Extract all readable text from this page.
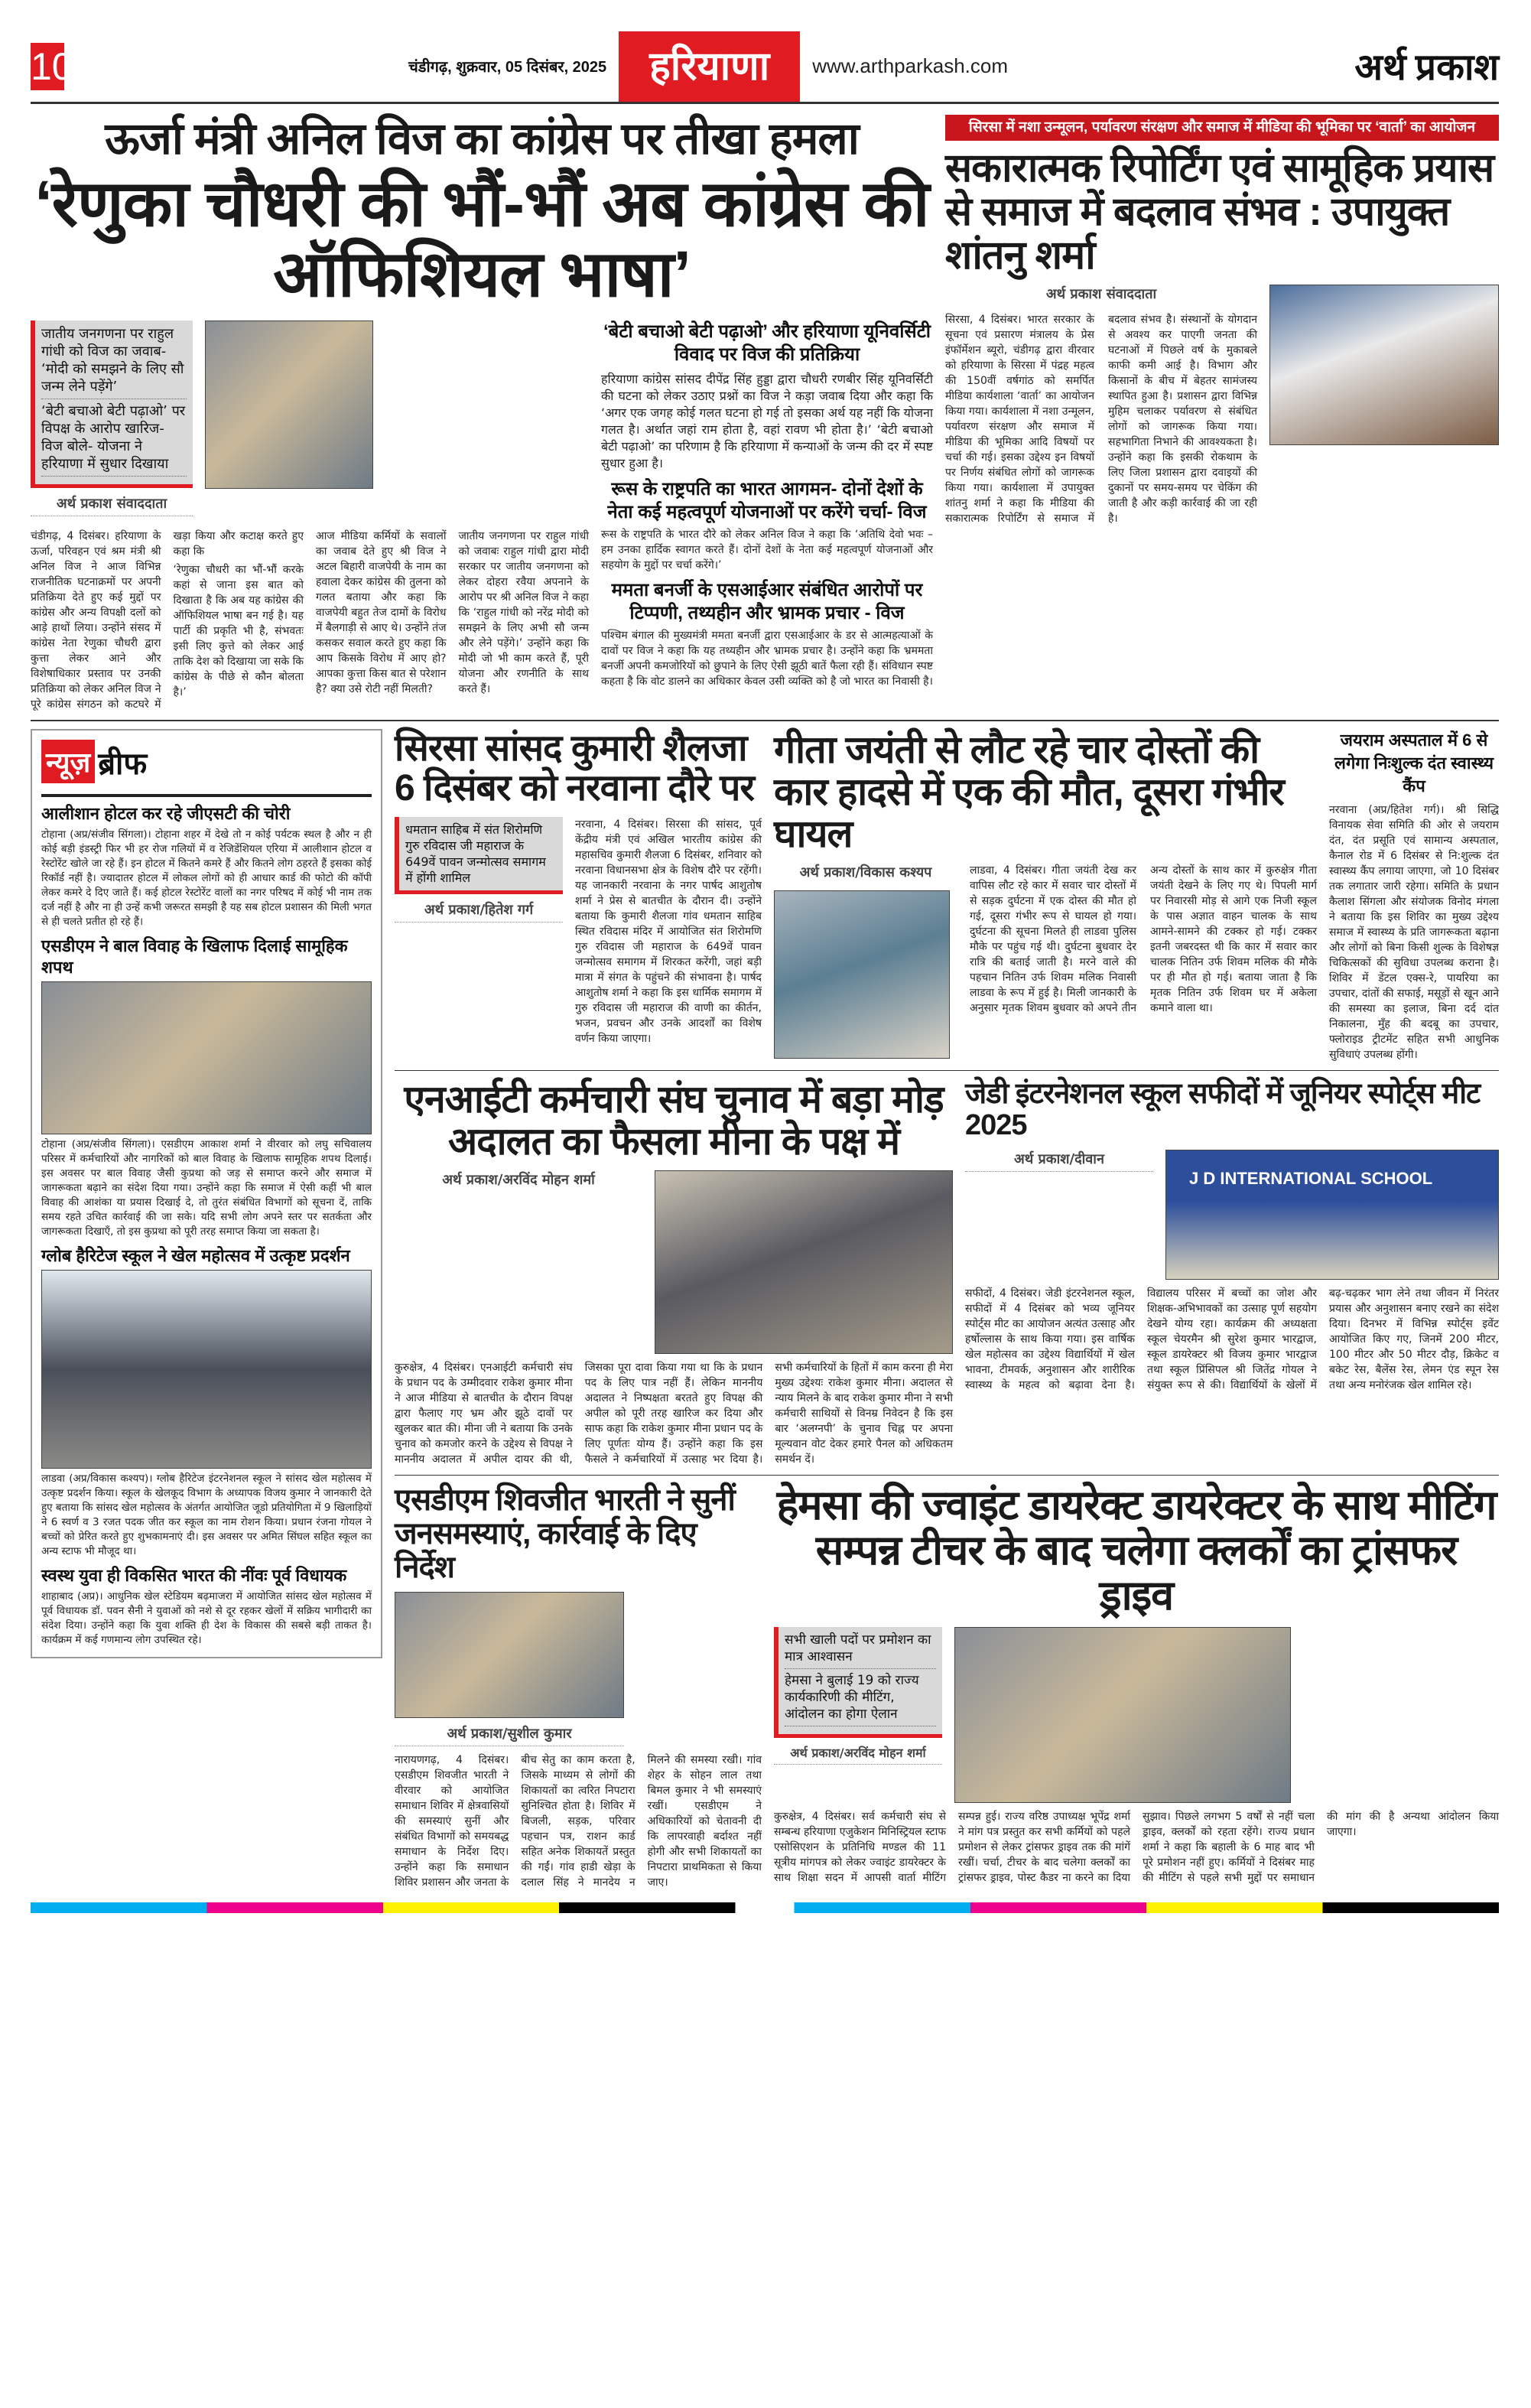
10	चंडीगढ़, शुक्रवार, 05 दिसंबर, 2025	हरियाणा	www.arthparkash.com	अर्थ प्रकाश
ऊर्जा मंत्री अनिल विज का कांग्रेस पर तीखा हमला
‘रेणुका चौधरी की भौं-भौं अब कांग्रेस की ऑफिशियल भाषा’
जातीय जनगणना पर राहुल गांधी को विज का जवाब- ‘मोदी को समझने के लिए सौ जन्म लेने पड़ेंगे’
‘बेटी बचाओ बेटी पढ़ाओ’ पर विपक्ष के आरोप खारिज- विज बोले- योजना ने हरियाणा में सुधार दिखाया
अर्थ प्रकाश संवाददाता

चंडीगढ़, 4 दिसंबर। हरियाणा के ऊर्जा, परिवहन एवं श्रम मंत्री श्री अनिल विज ने आज विभिन्न राजनीतिक घटनाक्रमों पर अपनी प्रतिक्रिया देते हुए कई मुद्दों पर कांग्रेस और अन्य विपक्षी दलों को आड़े हाथों लिया। उन्होंने संसद में कांग्रेस नेता रेणुका चौधरी द्वारा कुत्ता लेकर आने और विशेषाधिकार प्रस्ताव पर उनकी प्रतिक्रिया को लेकर अनिल विज ने पूरे कांग्रेस संगठन को कटघरे में खड़ा किया और कटाक्ष करते हुए कहा कि

‘रेणुका चौधरी का भौं-भौं करके कहां से जाना इस बात को दिखाता है कि अब यह कांग्रेस की ऑफिशियल भाषा बन गई है। यह पार्टी की प्रकृति भी है, संभवतः इसी लिए कुत्ते को लेकर आई ताकि देश को दिखाया जा सके कि कांग्रेस के पीछे से कौन बोलता है।’

आज मीडिया कर्मियों के सवालों का जवाब देते हुए श्री विज ने अटल बिहारी वाजपेयी के नाम का हवाला देकर कांग्रेस की तुलना को गलत बताया और कहा कि वाजपेयी बहुत तेज दामों के विरोध में बैलगाड़ी से आए थे। उन्होंने तंज कसकर सवाल करते हुए कहा कि आप किसके विरोध में आए हो? आपका कुत्ता किस बात से परेशान है? क्या उसे रोटी नहीं मिलती?

जातीय जनगणना पर राहुल गांधी को जवाबः राहुल गांधी द्वारा मोदी सरकार पर जातीय जनगणना को लेकर दोहरा रवैया अपनाने के आरोप पर श्री अनिल विज ने कहा कि ‘राहुल गांधी को नरेंद्र मोदी को समझने के लिए अभी सौ जन्म और लेने पड़ेंगे।’ उन्होंने कहा कि मोदी जो भी काम करते हैं, पूरी योजना और रणनीति के साथ करते हैं।

‘बेटी बचाओ बेटी पढ़ाओ’ और हरियाणा यूनिवर्सिटी विवाद पर विज की प्रतिक्रिया
हरियाणा कांग्रेस सांसद दीपेंद्र सिंह हुड्डा द्वारा चौधरी रणबीर सिंह यूनिवर्सिटी की घटना को लेकर उठाए प्रश्नों का विज ने कड़ा जवाब दिया और कहा कि ‘अगर एक जगह कोई गलत घटना हो गई तो इसका अर्थ यह नहीं कि योजना गलत है। अर्थात जहां राम होता है, वहां रावण भी होता है।’ ‘बेटी बचाओ बेटी पढ़ाओ’ का परिणाम है कि हरियाणा में कन्याओं के जन्म की दर में स्पष्ट सुधार हुआ है।
रूस के राष्ट्रपति का भारत आगमन- दोनों देशों के नेता कई महत्वपूर्ण योजनाओं पर करेंगे चर्चा- विज
रूस के राष्ट्रपति के भारत दौरे को लेकर अनिल विज ने कहा कि ‘अतिथि देवो भवः – हम उनका हार्दिक स्वागत करते हैं। दोनों देशों के नेता कई महत्वपूर्ण योजनाओं और सहयोग के मुद्दों पर चर्चा करेंगे।’
ममता बनर्जी के एसआईआर संबंधित आरोपों पर टिप्पणी, तथ्यहीन और भ्रामक प्रचार - विज
पश्चिम बंगाल की मुख्यमंत्री ममता बनर्जी द्वारा एसआईआर के डर से आत्महत्याओं के दावों पर विज ने कहा कि यह तथ्यहीन और भ्रामक प्रचार है। उन्होंने कहा कि भ्रममता बनर्जी अपनी कमजोरियों को छुपाने के लिए ऐसी झूठी बातें फैला रही हैं। संविधान स्पष्ट कहता है कि वोट डालने का अधिकार केवल उसी व्यक्ति को है जो भारत का निवासी है।
सिरसा में नशा उन्मूलन, पर्यावरण संरक्षण और समाज में मीडिया की भूमिका पर ‘वार्ता’ का आयोजन
सकारात्मक रिपोर्टिंग एवं सामूहिक प्रयास से समाज में बदलाव संभव : उपायुक्त शांतनु शर्मा
अर्थ प्रकाश संवाददाता
सिरसा, 4 दिसंबर। भारत सरकार के सूचना एवं प्रसारण मंत्रालय के प्रेस इंफॉर्मेशन ब्यूरो, चंडीगढ़ द्वारा वीरवार को हरियाणा के सिरसा में पंद्रह महत्व की 150वीं वर्षगांठ को समर्पित मीडिया कार्यशाला ‘वार्ता’ का आयोजन किया गया। कार्यशाला में नशा उन्मूलन, पर्यावरण संरक्षण और समाज में मीडिया की भूमिका आदि विषयों पर चर्चा की गई। इसका उद्देश्य इन विषयों पर निर्णय संबंधित लोगों को जागरूक किया गया। कार्यशाला में उपायुक्त शांतनु शर्मा ने कहा कि मीडिया की सकारात्मक रिपोर्टिंग से समाज में बदलाव संभव है। संस्थानों के योगदान से अवश्य कर पाएगी जनता की घटनाओं में पिछले वर्ष के मुकाबले काफी कमी आई है। विभाग और किसानों के बीच में बेहतर सामंजस्य स्थापित हुआ है। प्रशासन द्वारा विभिन्न मुहिम चलाकर पर्यावरण से संबंधित लोगों को जागरूक किया गया। सहभागिता निभाने की आवश्यकता है। उन्होंने कहा कि इसकी रोकथाम के लिए जिला प्रशासन द्वारा दवाइयों की दुकानों पर समय-समय पर चेकिंग की जाती है और कड़ी कार्रवाई की जा रही है।
न्यूज़ ब्रीफ
आलीशान होटल कर रहे जीएसटी की चोरी
टोहाना (अप्र/संजीव सिंगला)। टोहाना शहर में देखे तो न कोई पर्यटक स्थल है और न ही कोई बड़ी इंडस्ट्री फिर भी हर रोज गलियों में व रेजिडेंशियल एरिया में आलीशान होटल व रेस्टोरेंट खोले जा रहे हैं। इन होटल में कितने कमरे हैं और कितने लोग ठहरते हैं इसका कोई रिकॉर्ड नहीं है। ज्यादातर होटल में लोकल लोगों को ही आधार कार्ड की फोटो की कॉपी लेकर कमरे दे दिए जाते हैं। कई होटल रेस्टोरेंट वालों का नगर परिषद में कोई भी नाम तक दर्ज नहीं है और ना ही उन्हें कभी जरूरत समझी है यह सब होटल प्रशासन की मिली भगत से ही चलते प्रतीत हो रहे हैं।
एसडीएम ने बाल विवाह के खिलाफ दिलाई सामूहिक शपथ
टोहाना (अप्र/संजीव सिंगला)। एसडीएम आकाश शर्मा ने वीरवार को लघु सचिवालय परिसर में कर्मचारियों और नागरिकों को बाल विवाह के खिलाफ सामूहिक शपथ दिलाई। इस अवसर पर बाल विवाह जैसी कुप्रथा को जड़ से समाप्त करने और समाज में जागरूकता बढ़ाने का संदेश दिया गया। उन्होंने कहा कि समाज में ऐसी कहीं भी बाल विवाह की आशंका या प्रयास दिखाई दे, तो तुरंत संबंधित विभागों को सूचना दें, ताकि समय रहते उचित कार्रवाई की जा सके। यदि सभी लोग अपने स्तर पर सतर्कता और जागरूकता दिखाएँ, तो इस कुप्रथा को पूरी तरह समाप्त किया जा सकता है।
ग्लोब हैरिटेज स्कूल ने खेल महोत्सव में उत्कृष्ट प्रदर्शन
लाडवा (अप्र/विकास कश्यप)। ग्लोब हैरिटेज इंटरनेशनल स्कूल ने सांसद खेल महोत्सव में उत्कृष्ट प्रदर्शन किया। स्कूल के खेलकूद विभाग के अध्यापक विजय कुमार ने जानकारी देते हुए बताया कि सांसद खेल महोत्सव के अंतर्गत आयोजित जूडो प्रतियोगिता में 9 खिलाड़ियों ने 6 स्वर्ण व 3 रजत पदक जीत कर स्कूल का नाम रोशन किया। प्रधान रंजना गोयल ने बच्चों को प्रेरित करते हुए शुभकामनाएं दी। इस अवसर पर अमित सिंघल सहित स्कूल का अन्य स्टाफ भी मौजूद था।
स्वस्थ युवा ही विकसित भारत की नींवः पूर्व विधायक
शाहाबाद (अप्र)। आधुनिक खेल स्टेडियम बढ़माजरा में आयोजित सांसद खेल महोत्सव में पूर्व विधायक डॉ. पवन सैनी ने युवाओं को नशे से दूर रहकर खेलों में सक्रिय भागीदारी का संदेश दिया। उन्होंने कहा कि युवा शक्ति ही देश के विकास की सबसे बड़ी ताकत है। कार्यक्रम में कई गणमान्य लोग उपस्थित रहे।
सिरसा सांसद कुमारी शैलजा 6 दिसंबर को नरवाना दौरे पर
धमतान साहिब में संत शिरोमणि गुरु रविदास जी महाराज के 649वें पावन जन्मोत्सव समागम में होंगी शामिल
अर्थ प्रकाश/हितेश गर्ग
नरवाना, 4 दिसंबर। सिरसा की सांसद, पूर्व केंद्रीय मंत्री एवं अखिल भारतीय कांग्रेस की महासचिव कुमारी शैलजा 6 दिसंबर, शनिवार को नरवाना विधानसभा क्षेत्र के विशेष दौरे पर रहेंगी। यह जानकारी नरवाना के नगर पार्षद आशुतोष शर्मा ने प्रेस से बातचीत के दौरान दी। उन्होंने बताया कि कुमारी शैलजा गांव धमतान साहिब स्थित रविदास मंदिर में आयोजित संत शिरोमणि गुरु रविदास जी महाराज के 649वें पावन जन्मोत्सव समागम में शिरकत करेंगी, जहां बड़ी मात्रा में संगत के पहुंचने की संभावना है। पार्षद आशुतोष शर्मा ने कहा कि इस धार्मिक समागम में गुरु रविदास जी महाराज की वाणी का कीर्तन, भजन, प्रवचन और उनके आदर्शों का विशेष वर्णन किया जाएगा।
गीता जयंती से लौट रहे चार दोस्तों की कार हादसे में एक की मौत, दूसरा गंभीर घायल
अर्थ प्रकाश/विकास कश्यप	लाडवा, 4 दिसंबर। गीता जयंती देख कर वापिस लौट रहे कार में सवार चार दोस्तों में से सड़क दुर्घटना में एक दोस्त की मौत हो गई, दूसरा गंभीर रूप से घायल हो गया। दुर्घटना की सूचना मिलते ही लाडवा पुलिस मौके पर पहुंच गई थी। दुर्घटना बुधवार देर रात्रि की बताई जाती है। मरने वाले की पहचान नितिन उर्फ शिवम मलिक निवासी लाडवा के रूप में हुई है। मिली जानकारी के अनुसार मृतक शिवम बुधवार को अपने तीन अन्य दोस्तों के साथ कार में कुरुक्षेत्र गीता जयंती देखने के लिए गए थे। पिपली मार्ग पर निवारसी मोड़ से आगे एक निजी स्कूल के पास अज्ञात वाहन चालक के साथ आमने-सामने की टक्कर हो गई। टक्कर इतनी जबरदस्त थी कि कार में सवार कार चालक नितिन उर्फ शिवम मलिक की मौके पर ही मौत हो गई। बताया जाता है कि मृतक नितिन उर्फ शिवम घर में अकेला कमाने वाला था।
जयराम अस्पताल में 6 से लगेगा निःशुल्क दंत स्वास्थ्य कैंप
नरवाना (अप्र/हितेश गर्ग)। श्री सिद्धि विनायक सेवा समिति की ओर से जयराम दंत, दंत प्रसूति एवं सामान्य अस्पताल, कैनाल रोड में 6 दिसंबर से नि:शुल्क दंत स्वास्थ्य कैंप लगाया जाएगा, जो 10 दिसंबर तक लगातार जारी रहेगा। समिति के प्रधान कैलाश सिंगला और संयोजक विनोद मंगला ने बताया कि इस शिविर का मुख्य उद्देश्य समाज में स्वास्थ्य के प्रति जागरूकता बढ़ाना और लोगों को बिना किसी शुल्क के विशेषज्ञ चिकित्सकों की सुविधा उपलब्ध कराना है। शिविर में डेंटल एक्स-रे, पायरिया का उपचार, दांतों की सफाई, मसूड़ों से खून आने की समस्या का इलाज, बिना दर्द दांत निकालना, मुँह की बदबू का उपचार, फ्लोराइड ट्रीटमेंट सहित सभी आधुनिक सुविधाएं उपलब्ध होंगी।
एनआईटी कर्मचारी संघ चुनाव में बड़ा मोड़ अदालत का फैसला मीना के पक्ष में
अर्थ प्रकाश/अरविंद मोहन शर्मा
कुरुक्षेत्र, 4 दिसंबर। एनआईटी कर्मचारी संघ के प्रधान पद के उम्मीदवार राकेश कुमार मीना ने आज मीडिया से बातचीत के दौरान विपक्ष द्वारा फैलाए गए भ्रम और झूठे दावों पर खुलकर बात की। मीना जी ने बताया कि उनके चुनाव को कमजोर करने के उद्देश्य से विपक्ष ने माननीय अदालत में अपील दायर की थी, जिसका पूरा दावा किया गया था कि के प्रधान पद के लिए पात्र नहीं हैं। लेकिन माननीय अदालत ने निष्पक्षता बरतते हुए विपक्ष की अपील को पूरी तरह खारिज कर दिया और साफ कहा कि राकेश कुमार मीना प्रधान पद के लिए पूर्णतः योग्य हैं। उन्होंने कहा कि इस फैसले ने कर्मचारियों में उत्साह भर दिया है। सभी कर्मचारियों के हितों में काम करना ही मेरा मुख्य उद्देश्यः राकेश कुमार मीना। अदालत से न्याय मिलने के बाद राकेश कुमार मीना ने सभी कर्मचारी साथियों से विनम्र निवेदन है कि इस बार ‘अलग्नपी’ के चुनाव चिह्न पर अपना मूल्यवान वोट देकर हमारे पैनल को अधिकतम समर्थन दें।
जेडी इंटरनेशनल स्कूल सफीदों में जूनियर स्पोर्ट्स मीट 2025
अर्थ प्रकाश/दीवान
J D INTERNATIONAL SCHOOL
सफीदों, 4 दिसंबर। जेडी इंटरनेशनल स्कूल, सफीदों में 4 दिसंबर को भव्य जूनियर स्पोर्ट्स मीट का आयोजन अत्यंत उत्साह और हर्षोल्लास के साथ किया गया। इस वार्षिक खेल महोत्सव का उद्देश्य विद्यार्थियों में खेल भावना, टीमवर्क, अनुशासन और शारीरिक स्वास्थ्य के महत्व को बढ़ावा देना है। विद्यालय परिसर में बच्चों का जोश और शिक्षक-अभिभावकों का उत्साह पूर्ण सहयोग देखने योग्य रहा। कार्यक्रम की अध्यक्षता स्कूल चेयरमैन श्री सुरेश कुमार भारद्वाज, स्कूल डायरेक्टर श्री विजय कुमार भारद्वाज तथा स्कूल प्रिंसिपल श्री जितेंद्र गोयल ने संयुक्त रूप से की। विद्यार्थियों के खेलों में बढ़-चढ़कर भाग लेने तथा जीवन में निरंतर प्रयास और अनुशासन बनाए रखने का संदेश दिया। दिनभर में विभिन्न स्पोर्ट्स इवेंट आयोजित किए गए, जिनमें 200 मीटर, 100 मीटर और 50 मीटर दौड़, क्रिकेट व बकेट रेस, बैलेंस रेस, लेमन एंड स्पून रेस तथा अन्य मनोरंजक खेल शामिल रहे।
एसडीएम शिवजीत भारती ने सुनीं जनसमस्याएं, कार्रवाई के दिए निर्देश
अर्थ प्रकाश/सुशील कुमार
नारायणगढ़, 4 दिसंबर। एसडीएम शिवजीत भारती ने वीरवार को आयोजित समाधान शिविर में क्षेत्रवासियों की समस्याएं सुनीं और संबंधित विभागों को समयबद्ध समाधान के निर्देश दिए। उन्होंने कहा कि समाधान शिविर प्रशासन और जनता के बीच सेतु का काम करता है, जिसके माध्यम से लोगों की शिकायतों का त्वरित निपटारा सुनिश्चित होता है। शिविर में बिजली, सड़क, परिवार पहचान पत्र, राशन कार्ड सहित अनेक शिकायतें प्रस्तुत की गईं। गांव हाडी खेड़ा के दलाल सिंह ने मानदेय न मिलने की समस्या रखी। गांव शेहर के सोहन लाल तथा बिमल कुमार ने भी समस्याएं रखीं। एसडीएम ने अधिकारियों को चेतावनी दी कि लापरवाही बर्दाश्त नहीं होगी और सभी शिकायतों का निपटारा प्राथमिकता से किया जाए।
हेमसा की ज्वाइंट डायरेक्ट डायरेक्टर के साथ मीटिंग सम्पन्न टीचर के बाद चलेगा क्लर्कों का ट्रांसफर ड्राइव
सभी खाली पदों पर प्रमोशन का मात्र आश्वासन
हेमसा ने बुलाई 19 को राज्य कार्यकारिणी की मीटिंग, आंदोलन का होगा ऐलान
अर्थ प्रकाश/अरविंद मोहन शर्मा
कुरुक्षेत्र, 4 दिसंबर। सर्व कर्मचारी संघ से सम्बन्ध हरियाणा एजुकेशन मिनिस्ट्रियल स्टाफ एसोसिएशन के प्रतिनिधि मण्डल की 11 सूत्रीय मांगपत्र को लेकर ज्वाइंट डायरेक्टर के साथ शिक्षा सदन में आपसी वार्ता मीटिंग सम्पन्न हुई। राज्य वरिष्ठ उपाध्यक्ष भूपेंद्र शर्मा ने मांग पत्र प्रस्तुत कर सभी कर्मियों को पहले प्रमोशन से लेकर ट्रांसफर ड्राइव तक की मांगें रखीं। चर्चा, टीचर के बाद चलेगा क्लर्कों का ट्रांसफर ड्राइव, पोस्ट कैडर ना करने का दिया सुझाव। पिछले लगभग 5 वर्षों से नहीं चला ड्राइव, क्लर्कों को रहता रहेंगे। राज्य प्रधान शर्मा ने कहा कि बहाली के 6 माह बाद भी पूरे प्रमोशन नहीं हुए। कर्मियों ने दिसंबर माह की मीटिंग से पहले सभी मुद्दों पर समाधान की मांग की है अन्यथा आंदोलन किया जाएगा।
